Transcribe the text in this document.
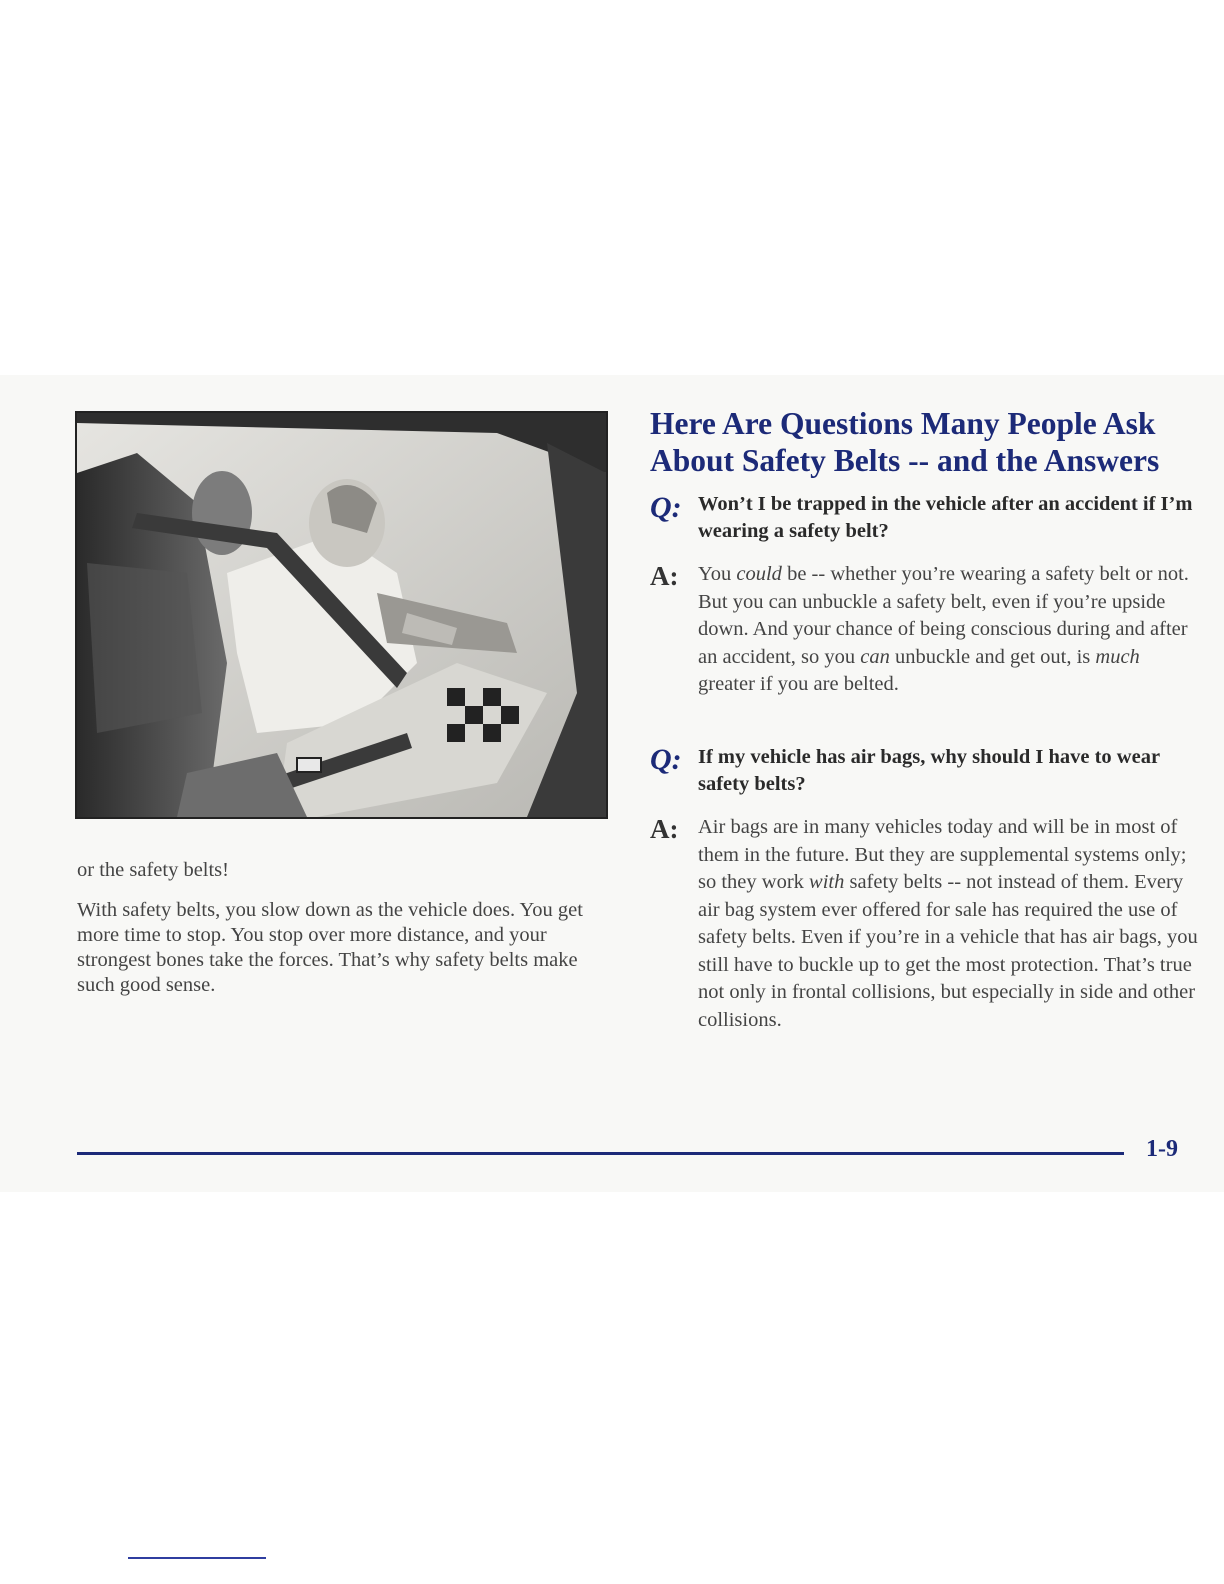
or the safety belts!

With safety belts, you slow down as the vehicle does. You get more time to stop. You stop over more distance, and your strongest bones take the forces. That’s why safety belts make such good sense.

Here Are Questions Many People Ask About Safety Belts -- and the Answers
Q: Won’t I be trapped in the vehicle after an accident if I’m wearing a safety belt?
A: You could be -- whether you’re wearing a safety belt or not. But you can unbuckle a safety belt, even if you’re upside down. And your chance of being conscious during and after an accident, so you can unbuckle and get out, is much greater if you are belted.
Q: If my vehicle has air bags, why should I have to wear safety belts?
A: Air bags are in many vehicles today and will be in most of them in the future. But they are supplemental systems only; so they work with safety belts -- not instead of them. Every air bag system ever offered for sale has required the use of safety belts. Even if you’re in a vehicle that has air bags, you still have to buckle up to get the most protection. That’s true not only in frontal collisions, but especially in side and other collisions.
1-9
